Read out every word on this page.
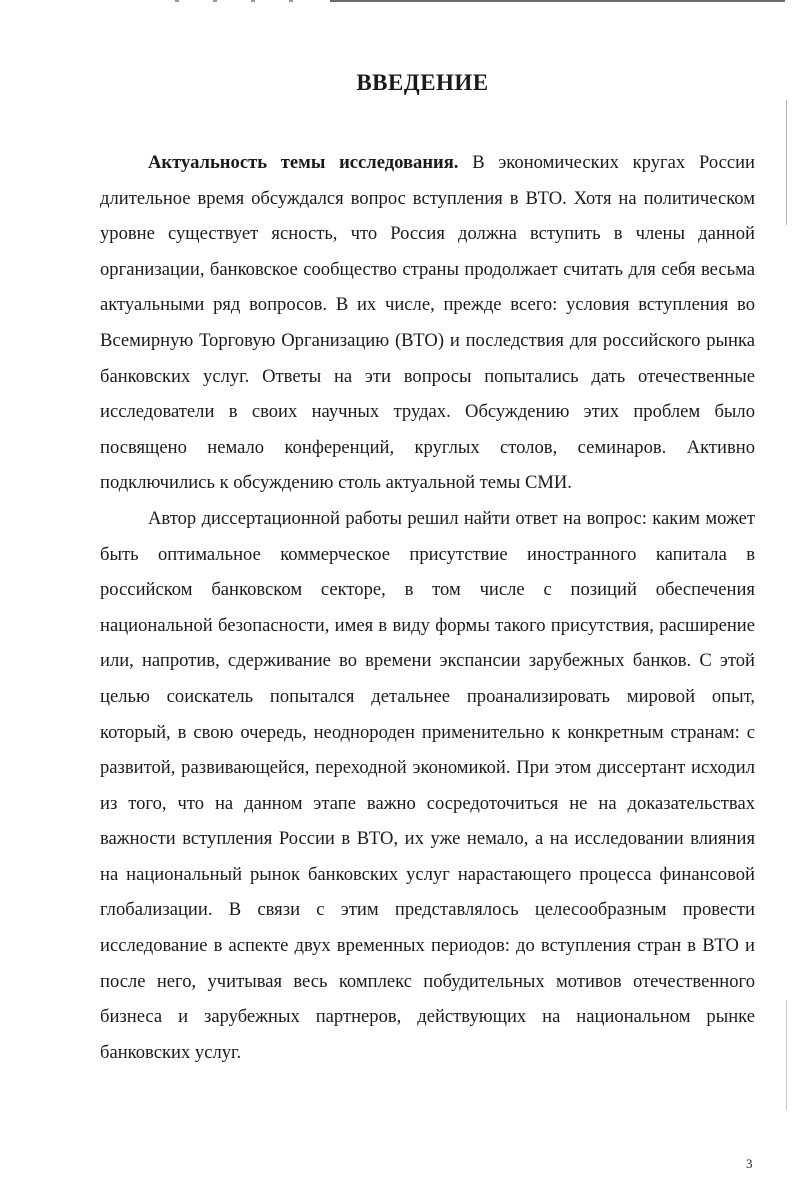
ВВЕДЕНИЕ

Актуальность темы исследования. В экономических кругах России длительное время обсуждался вопрос вступления в ВТО. Хотя на политическом уровне существует ясность, что Россия должна вступить в члены данной организации, банковское сообщество страны продолжает считать для себя весьма актуальными ряд вопросов. В их числе, прежде всего: условия вступления во Всемирную Торговую Организацию (ВТО) и последствия для российского рынка банковских услуг. Ответы на эти вопросы попытались дать отечественные исследователи в своих научных трудах. Обсуждению этих проблем было посвящено немало конференций, круглых столов, семинаров. Активно подключились к обсуждению столь актуальной темы СМИ.

Автор диссертационной работы решил найти ответ на вопрос: каким может быть оптимальное коммерческое присутствие иностранного капитала в российском банковском секторе, в том числе с позиций обеспечения национальной безопасности, имея в виду формы такого присутствия, расширение или, напротив, сдерживание во времени экспансии зарубежных банков. С этой целью соискатель попытался детальнее проанализировать мировой опыт, который, в свою очередь, неоднороден применительно к конкретным странам: с развитой, развивающейся, переходной экономикой. При этом диссертант исходил из того, что на данном этапе важно сосредоточиться не на доказательствах важности вступления России в ВТО, их уже немало, а на исследовании влияния на национальный рынок банковских услуг нарастающего процесса финансовой глобализации. В связи с этим представлялось целесообразным провести исследование в аспекте двух временных периодов: до вступления стран в ВТО и после него, учитывая весь комплекс побудительных мотивов отечественного бизнеса и зарубежных партнеров, действующих на национальном рынке банковских услуг.

3
